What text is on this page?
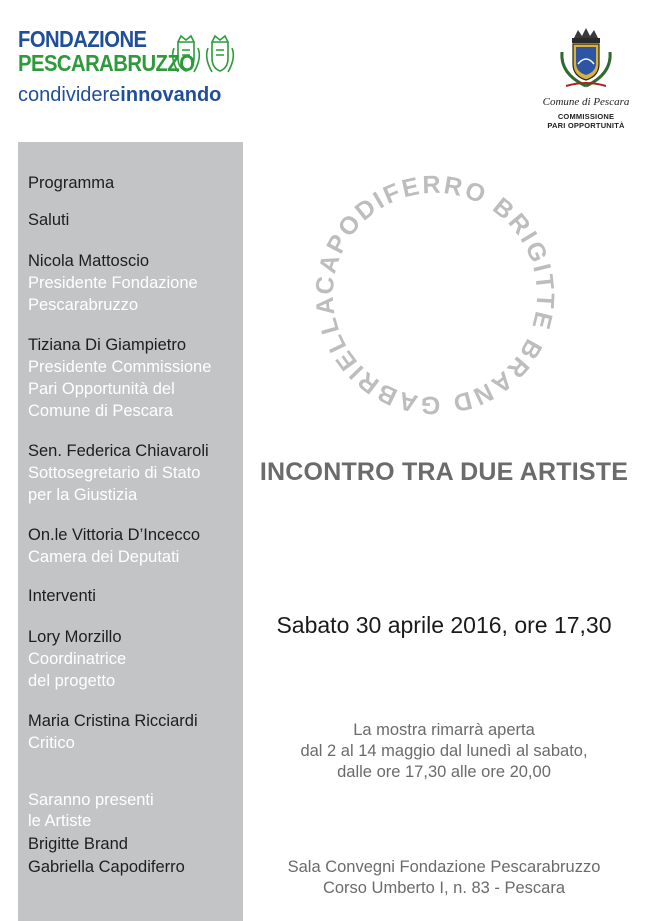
FONDAZIONE
PESCARABRUZZO
condividereinnovando	Comune di Pescara
COMMISSIONE
PARI OPPORTUNITÀ
Programma
Saluti
Nicola Mattoscio
Presidente Fondazione
Pescarabruzzo
Tiziana Di Giampietro
Presidente Commissione
Pari Opportunità del
Comune di Pescara
Sen. Federica Chiavaroli
Sottosegretario di Stato
per la Giustizia
On.le Vittoria D’Incecco
Camera dei Deputati
Interventi
Lory Morzillo
Coordinatrice
del progetto
Maria Cristina Ricciardi
Critico
Saranno presenti
le Artiste
Brigitte Brand
Gabriella Capodiferro
CAPODIFERRO BRIGITTE BRAND GABRIELLA
INCONTRO TRA DUE ARTISTE
Sabato 30 aprile 2016, ore 17,30
La mostra rimarrà aperta
dal 2 al 14 maggio dal lunedì al sabato,
dalle ore 17,30 alle ore 20,00
Sala Convegni Fondazione Pescarabruzzo
Corso Umberto I, n. 83 - Pescara
